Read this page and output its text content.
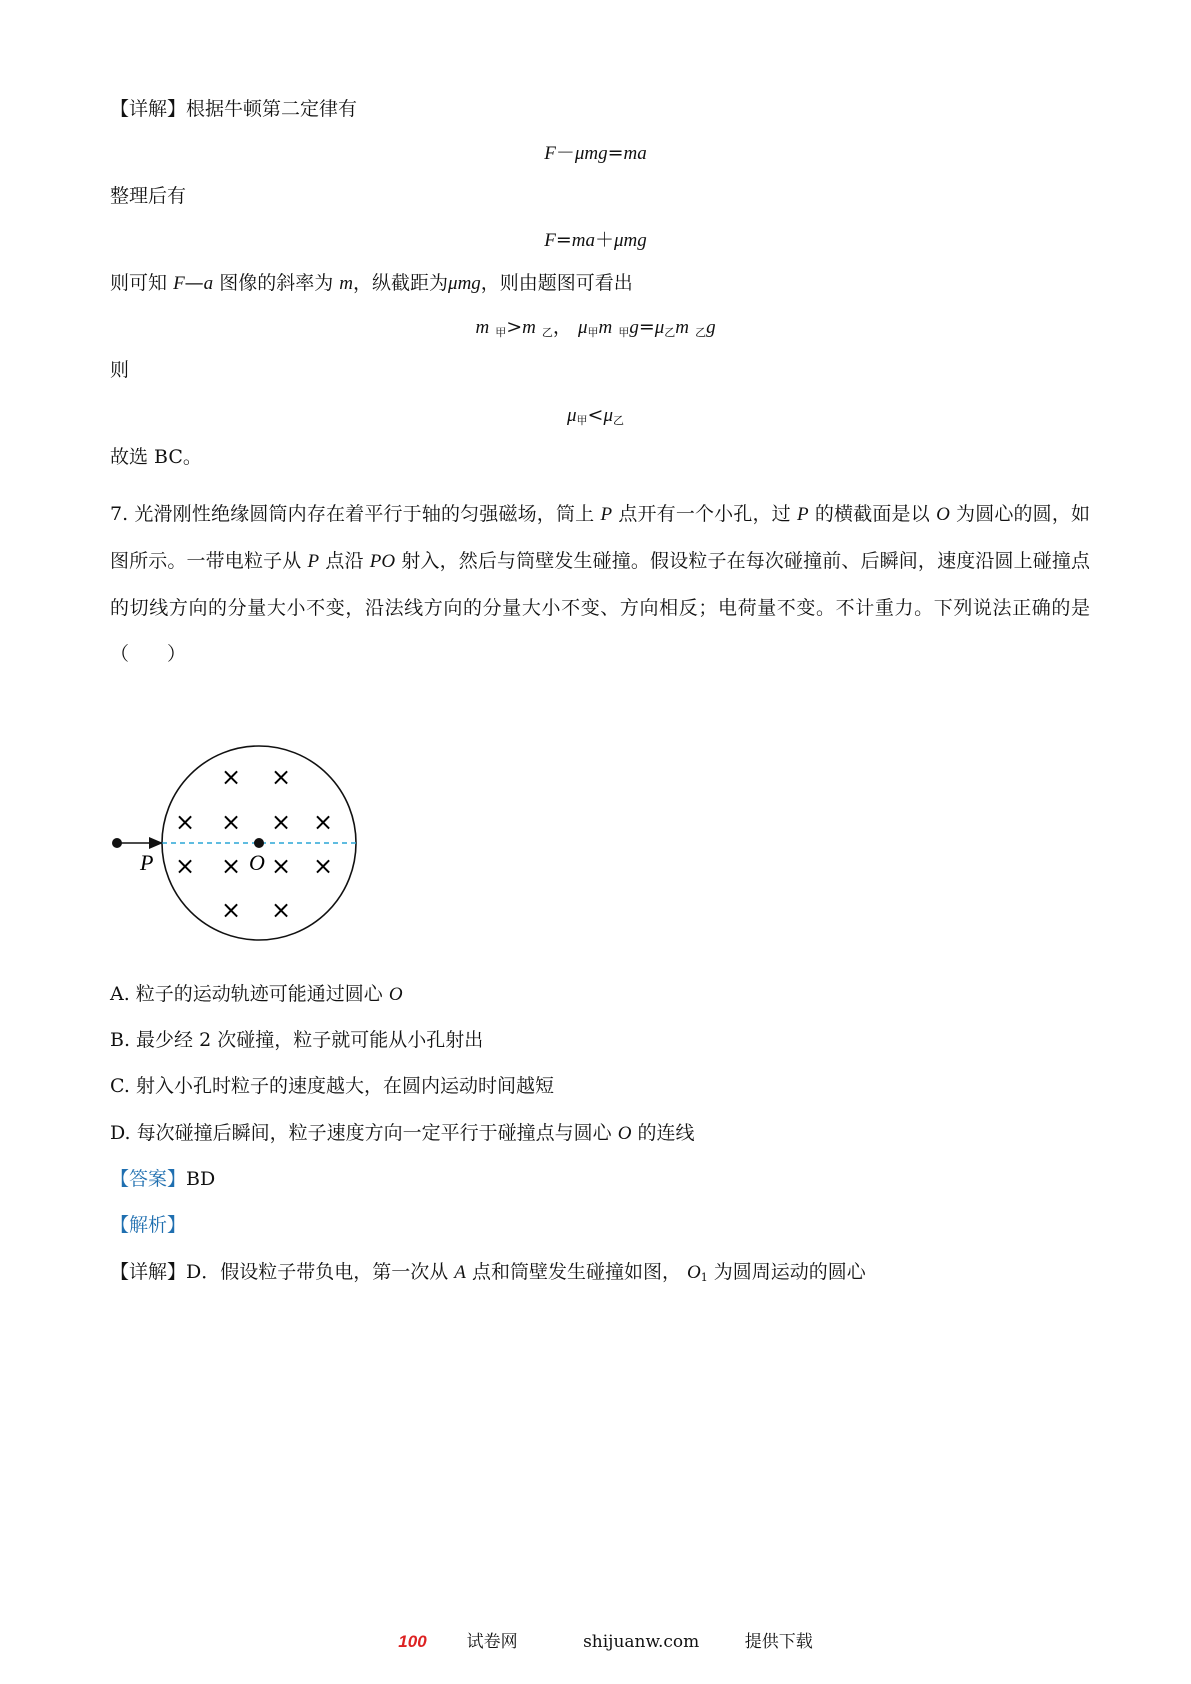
【详解】根据牛顿第二定律有
F－μmg=ma
整理后有
F=ma＋μmg
则可知 F—a 图像的斜率为 m，纵截距为μmg，则由题图可看出
m $_甲$>m $_乙$， $\mu_甲m$ $_甲g=\mu_乙m$ $_乙$g
则
$\mu_甲<\mu_乙$
故选 BC。
7. 光滑刚性绝缘圆筒内存在着平行于轴的匀强磁场，筒上 P 点开有一个小孔，过 P 的横截面是以 O 为圆心的圆，如图所示。一带电粒子从 P 点沿 PO 射入，然后与筒壁发生碰撞。假设粒子在每次碰撞前、后瞬间，速度沿圆上碰撞点的切线方向的分量大小不变，沿法线方向的分量大小不变、方向相反；电荷量不变。不计重力。下列说法正确的是（　　）
P	O
× ×
× × × ×
× × × ×
× ×
A. 粒子的运动轨迹可能通过圆心 O
B. 最少经 2 次碰撞，粒子就可能从小孔射出
C. 射入小孔时粒子的速度越大，在圆内运动时间越短
D. 每次碰撞后瞬间，粒子速度方向一定平行于碰撞点与圆心 O 的连线
【答案】BD
【解析】
【详解】D．假设粒子带负电，第一次从 A 点和筒壁发生碰撞如图， $O_1$ 为圆周运动的圆心
100 试卷网	shijuanw.com	提供下载
